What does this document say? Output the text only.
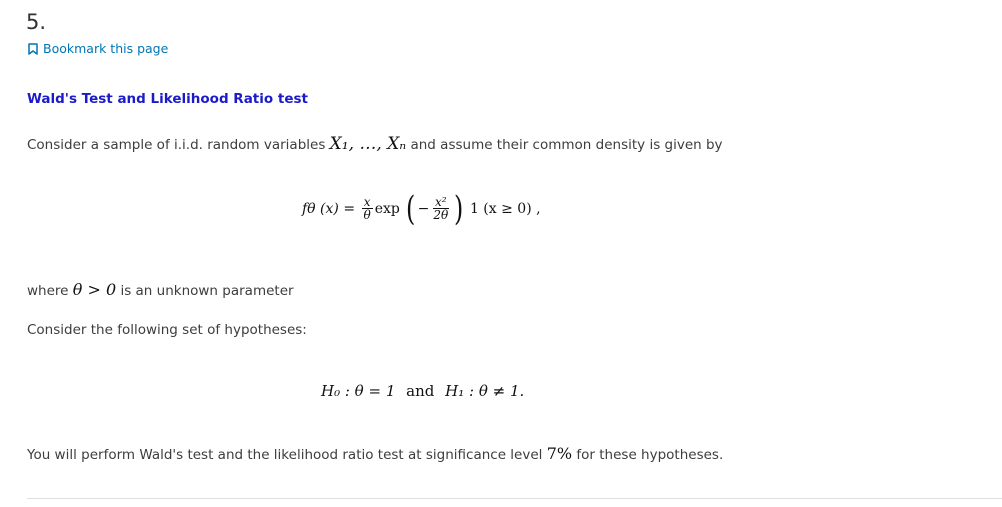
5.
Bookmark this page
Wald's Test and Likelihood Ratio test
Consider a sample of i.i.d. random variables X₁, …, Xₙ and assume their common density is given by
fθ $(x) = \frac{x}{\theta}$ exp ( − $\frac{\text{x²}}{2\theta}$ ) 1 (x ≥ 0) ,
where θ > 0 is an unknown parameter
Consider the following set of hypotheses:
H₀ : θ = 1 and H₁ : θ ≠ 1.
You will perform Wald's test and the likelihood ratio test at significance level 7% for these hypotheses.
